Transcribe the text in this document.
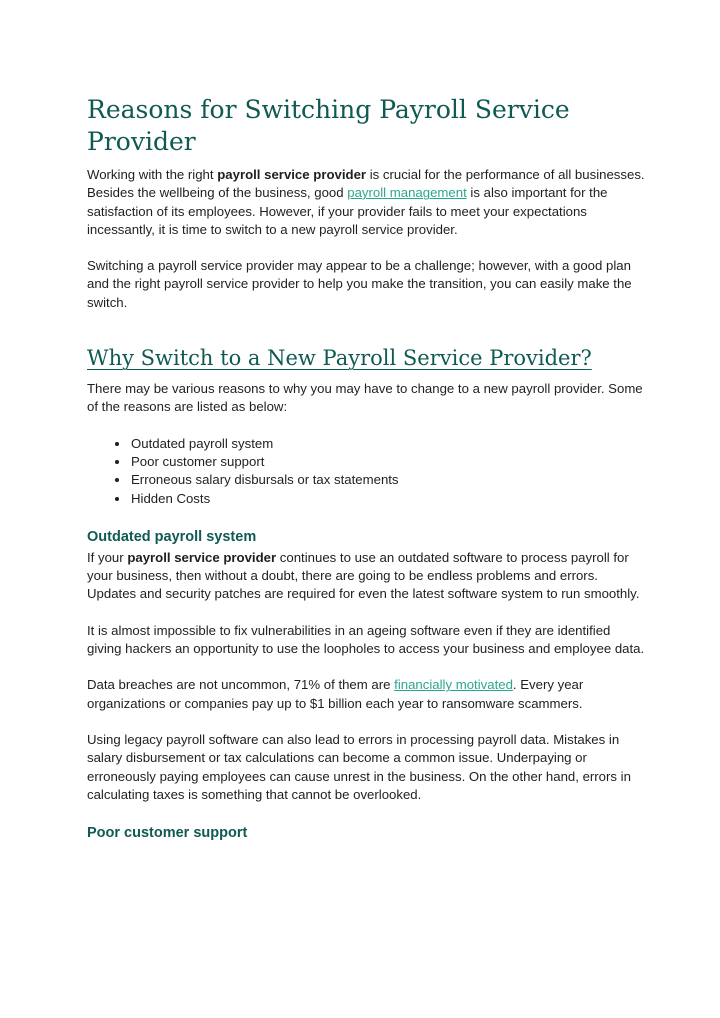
Reasons for Switching Payroll Service Provider

Working with the right payroll service provider is crucial for the performance of all businesses. Besides the wellbeing of the business, good payroll management is also important for the satisfaction of its employees. However, if your provider fails to meet your expectations incessantly, it is time to switch to a new payroll service provider.

Switching a payroll service provider may appear to be a challenge; however, with a good plan and the right payroll service provider to help you make the transition, you can easily make the switch.

Why Switch to a New Payroll Service Provider?

There may be various reasons to why you may have to change to a new payroll provider. Some of the reasons are listed as below:

• Outdated payroll system
• Poor customer support
• Erroneous salary disbursals or tax statements
• Hidden Costs
Outdated payroll system

If your payroll service provider continues to use an outdated software to process payroll for your business, then without a doubt, there are going to be endless problems and errors. Updates and security patches are required for even the latest software system to run smoothly.

It is almost impossible to fix vulnerabilities in an ageing software even if they are identified giving hackers an opportunity to use the loopholes to access your business and employee data.

Data breaches are not uncommon, 71% of them are financially motivated. Every year organizations or companies pay up to $1 billion each year to ransomware scammers.

Using legacy payroll software can also lead to errors in processing payroll data. Mistakes in salary disbursement or tax calculations can become a common issue. Underpaying or erroneously paying employees can cause unrest in the business. On the other hand, errors in calculating taxes is something that cannot be overlooked.

Poor customer support
